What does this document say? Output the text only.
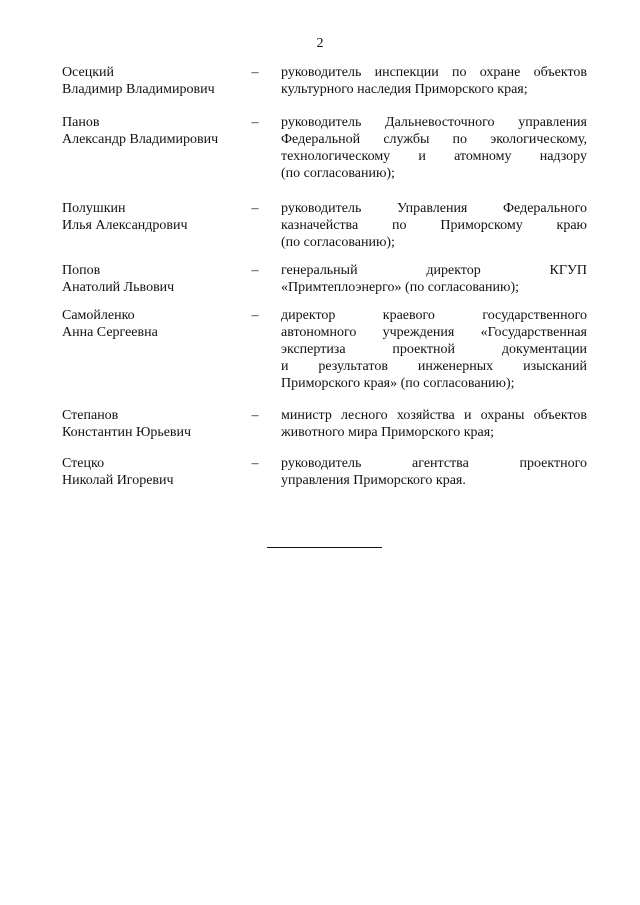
2
Осецкий
Владимир Владимирович
– руководитель инспекции по охране объектов
культурного наследия Приморского края;
Панов
Александр Владимирович
– руководитель Дальневосточного управления
Федеральной службы по экологическому,
технологическому и атомному надзору
(по согласованию);
Полушкин
Илья Александрович
– руководитель Управления Федерального
казначейства по Приморскому краю
(по согласованию);
Попов
Анатолий Львович
– генеральный директор КГУП
«Примтеплоэнерго» (по согласованию);
Самойленко
Анна Сергеевна
– директор краевого государственного
автономного учреждения «Государственная
экспертиза проектной документации
и результатов инженерных изысканий
Приморского края» (по согласованию);
Степанов
Константин Юрьевич
– министр лесного хозяйства и охраны объектов
животного мира Приморского края;
Стецко
Николай Игоревич
– руководитель агентства проектного
управления Приморского края.
